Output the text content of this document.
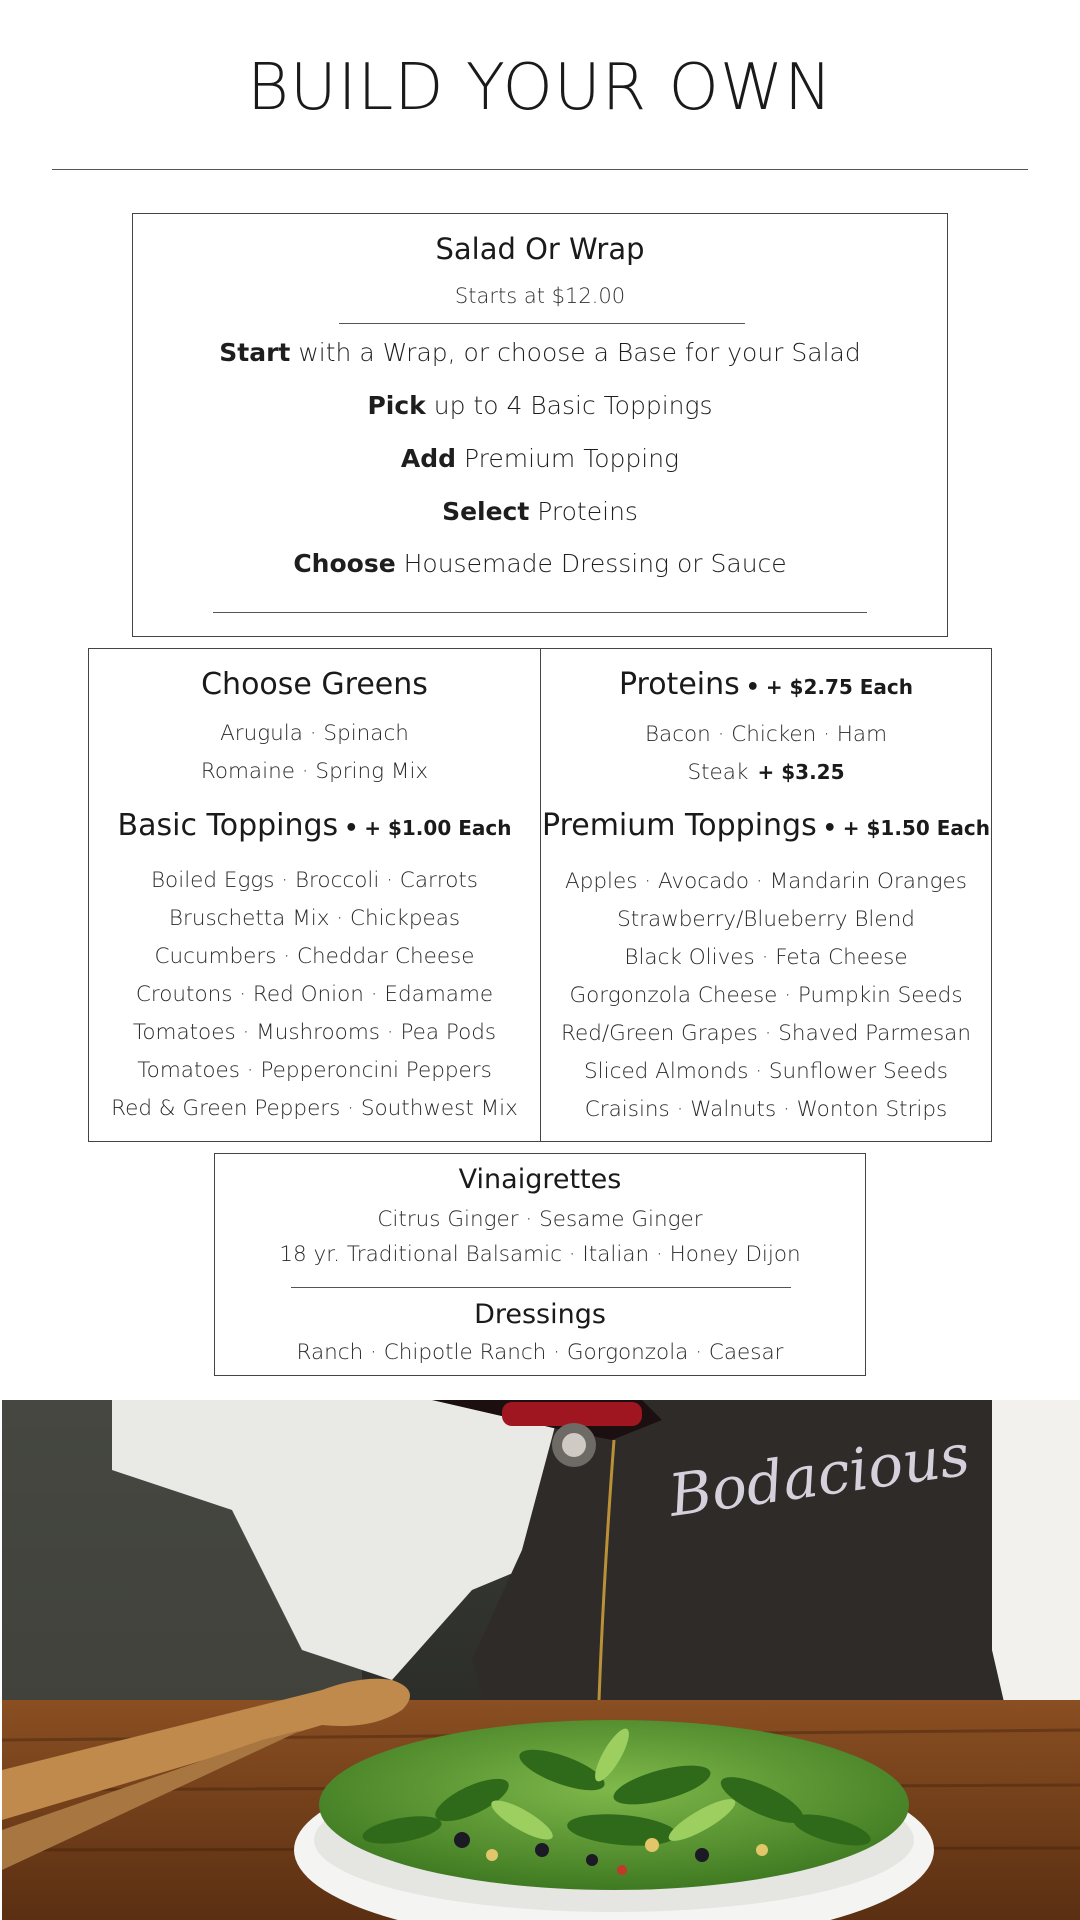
BUILD YOUR OWN
Salad Or Wrap
Starts at $12.00
Start with a Wrap, or choose a Base for your Salad
Pick up to 4 Basic Toppings
Add Premium Topping
Select Proteins
Choose Housemade Dressing or Sauce
Choose Greens
Arugula · Spinach
Romaine · Spring Mix
Basic Toppings • + $1.00 Each
Boiled Eggs · Broccoli · Carrots
Bruschetta Mix · Chickpeas
Cucumbers · Cheddar Cheese
Croutons · Red Onion · Edamame
Tomatoes · Mushrooms · Pea Pods
Tomatoes · Pepperoncini Peppers
Red & Green Peppers · Southwest Mix
Proteins • + $2.75 Each
Bacon · Chicken · Ham
Steak + $3.25
Premium Toppings • + $1.50 Each
Apples · Avocado · Mandarin Oranges
Strawberry/Blueberry Blend
Black Olives · Feta Cheese
Gorgonzola Cheese · Pumpkin Seeds
Red/Green Grapes · Shaved Parmesan
Sliced Almonds · Sunflower Seeds
Craisins · Walnuts · Wonton Strips
Vinaigrettes
Citrus Ginger · Sesame Ginger
18 yr. Traditional Balsamic · Italian · Honey Dijon
Dressings
Ranch · Chipotle Ranch · Gorgonzola · Caesar
Bodacious
